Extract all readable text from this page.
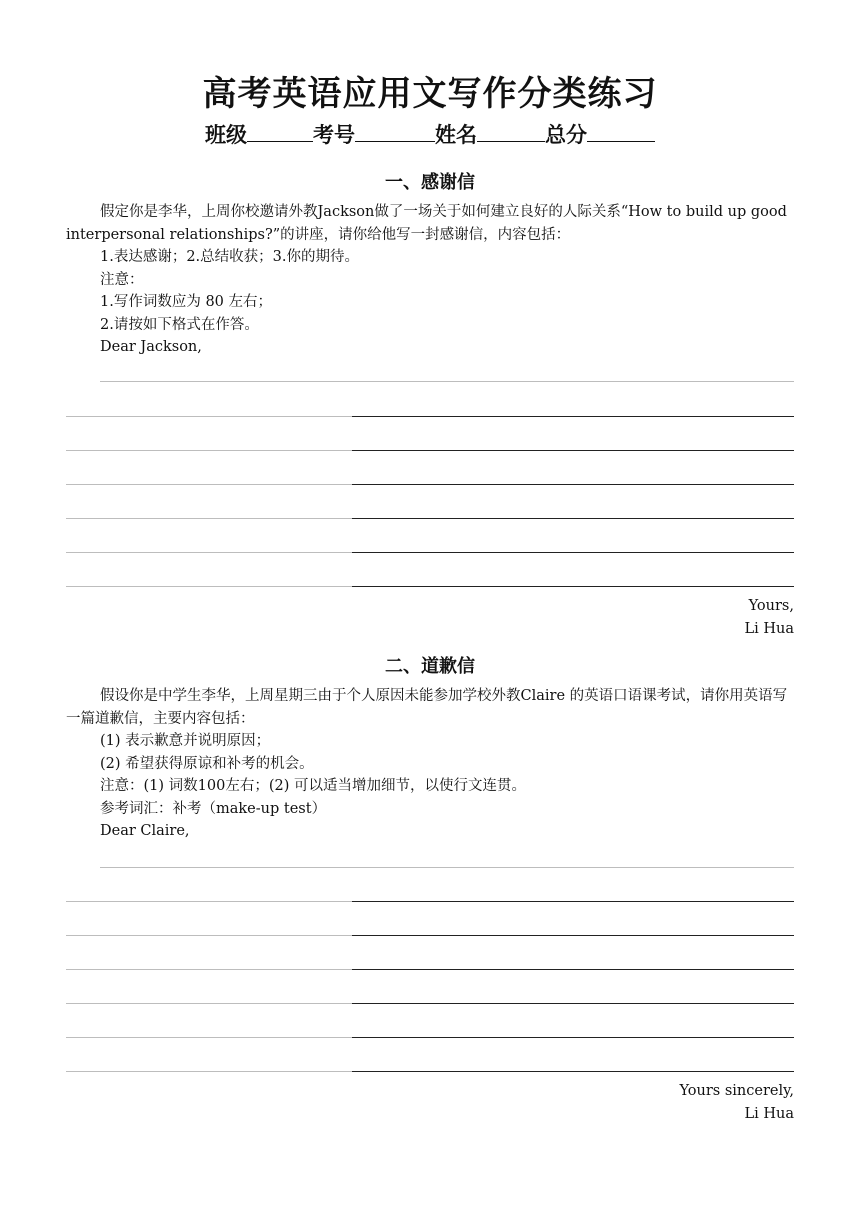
高考英语应用文写作分类练习
班级	考号	姓名	总分
一、感谢信

假定你是李华，上周你校邀请外教Jackson做了一场关于如何建立良好的人际关系“How to build up good interpersonal relationships?”的讲座，请你给他写一封感谢信，内容包括：

1.表达感谢；2.总结收获；3.你的期待。

注意：

1.写作词数应为 80 左右；

2.请按如下格式在作答。

Dear Jackson,

Yours,
Li Hua
二、道歉信

假设你是中学生李华，上周星期三由于个人原因未能参加学校外教Claire 的英语口语课考试，请你用英语写一篇道歉信，主要内容包括：

(1) 表示歉意并说明原因；

(2) 希望获得原谅和补考的机会。

注意：(1) 词数100左右；(2) 可以适当增加细节，以使行文连贯。

参考词汇：补考（make-up test）

Dear Claire,

Yours sincerely,
Li Hua
